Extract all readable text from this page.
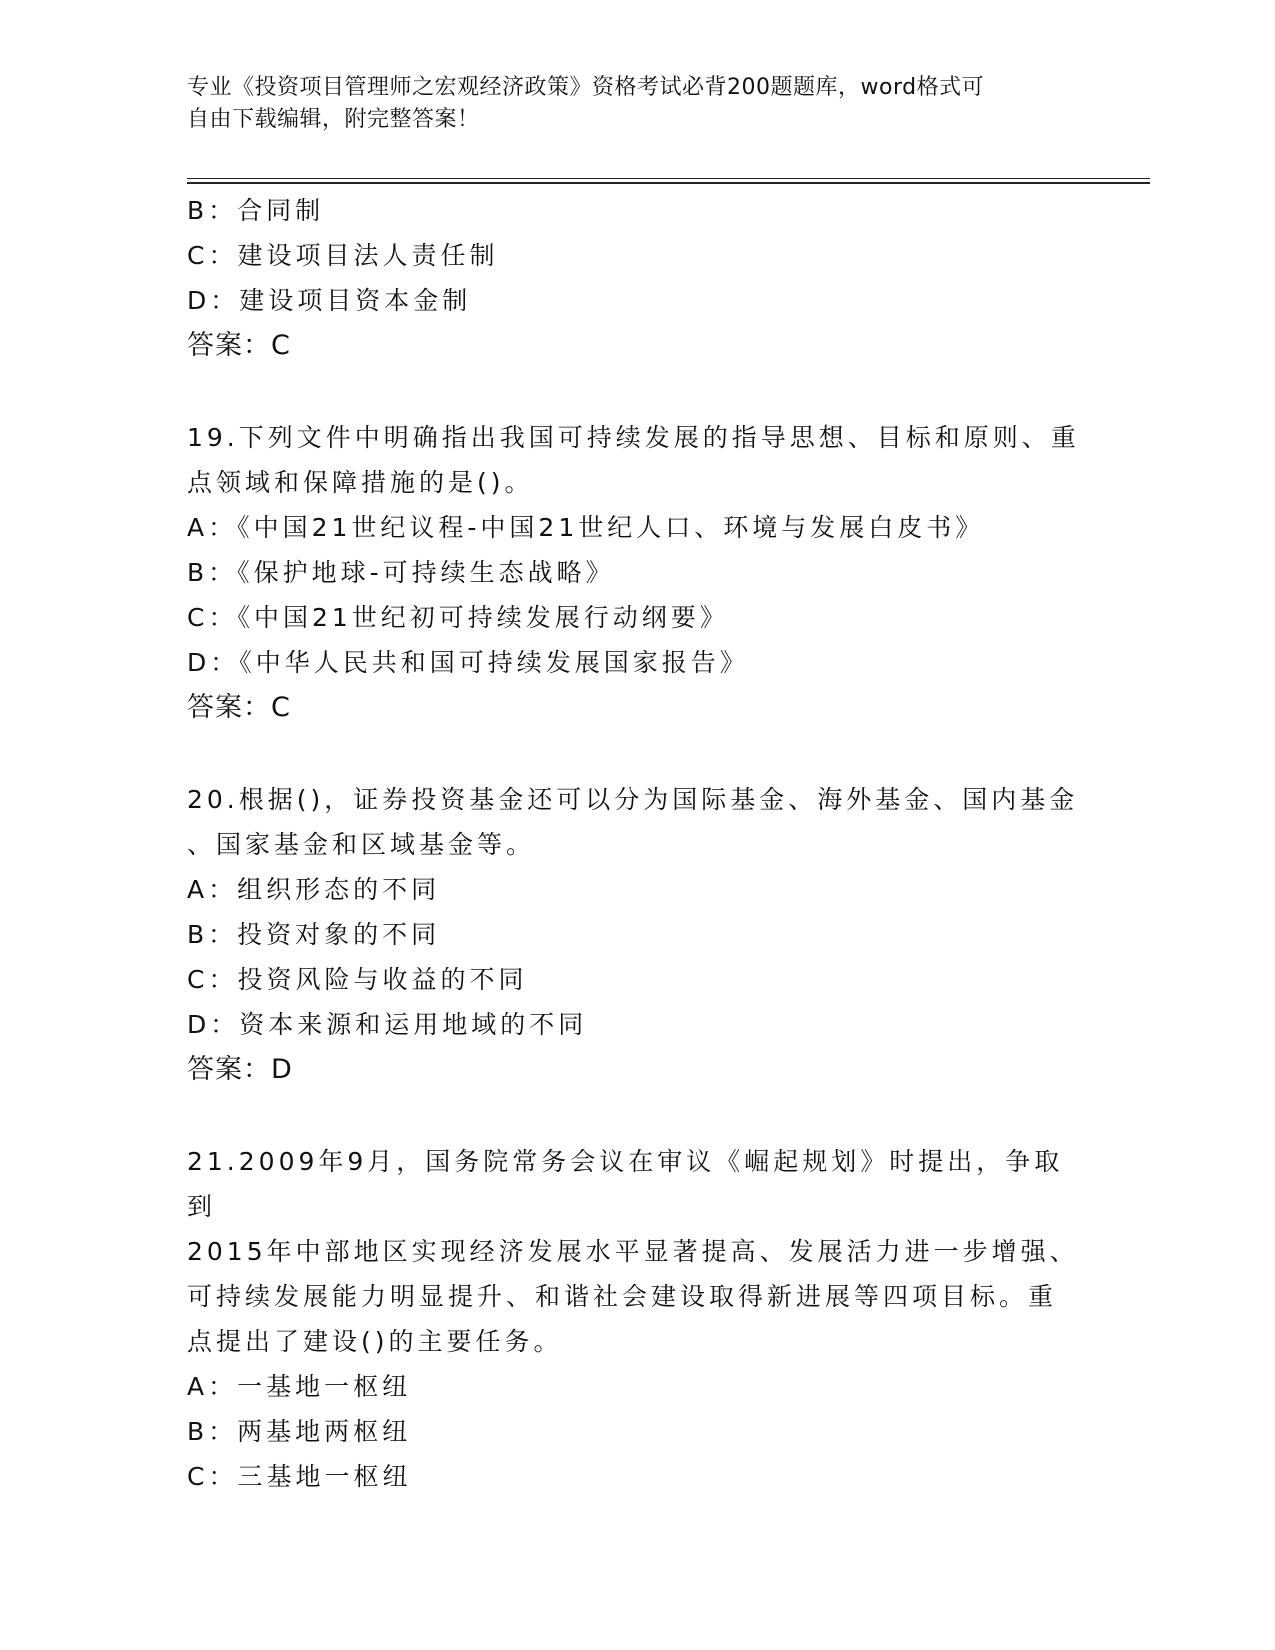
专业《投资项目管理师之宏观经济政策》资格考试必背200题题库，word格式可
自由下载编辑，附完整答案！
B：合同制
C：建设项目法人责任制
D：建设项目资本金制
答案：C
19.下列文件中明确指出我国可持续发展的指导思想、目标和原则、重
点领域和保障措施的是()。
A：《中国21世纪议程-中国21世纪人口、环境与发展白皮书》
B：《保护地球-可持续生态战略》
C：《中国21世纪初可持续发展行动纲要》
D：《中华人民共和国可持续发展国家报告》
答案：C
20.根据()，证券投资基金还可以分为国际基金、海外基金、国内基金
、国家基金和区域基金等。
A：组织形态的不同
B：投资对象的不同
C：投资风险与收益的不同
D：资本来源和运用地域的不同
答案：D
21.2009年9月，国务院常务会议在审议《崛起规划》时提出，争取到
2015年中部地区实现经济发展水平显著提高、发展活力进一步增强、
可持续发展能力明显提升、和谐社会建设取得新进展等四项目标。重
点提出了建设()的主要任务。
A：一基地一枢纽
B：两基地两枢纽
C：三基地一枢纽
